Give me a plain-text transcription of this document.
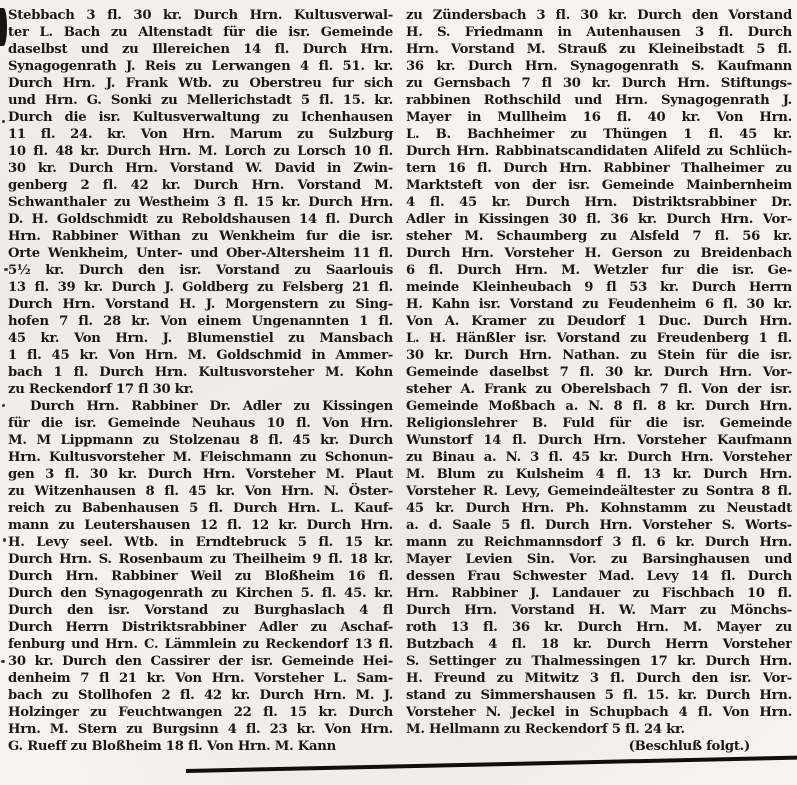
Stebbach 3 fl. 30 kr. Durch Hrn. Kultusverwal-
ter L. Bach zu Altenstadt für die isr. Gemeinde
daselbst und zu Illereichen 14 fl. Durch Hrn.
Synagogenrath J. Reis zu Lerwangen 4 fl. 51. kr.
Durch Hrn. J. Frank Wtb. zu Oberstreu fur sich
und Hrn. G. Sonki zu Mellerichstadt 5 fl. 15. kr.
Durch die isr. Kultusverwaltung zu Ichenhausen
11 fl. 24. kr. Von Hrn. Marum zu Sulzburg
10 fl. 48 kr. Durch Hrn. M. Lorch zu Lorsch 10 fl.
30 kr. Durch Hrn. Vorstand W. David in Zwin-
genberg 2 fl. 42 kr. Durch Hrn. Vorstand M.
Schwanthaler zu Westheim 3 fl. 15 kr. Durch Hrn.
D. H. Goldschmidt zu Reboldshausen 14 fl. Durch
Hrn. Rabbiner Withan zu Wenkheim fur die isr.
Orte Wenkheim, Unter- und Ober-Altersheim 11 fl.
5½ kr. Durch den isr. Vorstand zu Saarlouis
13 fl. 39 kr. Durch J. Goldberg zu Felsberg 21 fl.
Durch Hrn. Vorstand H. J. Morgenstern zu Sing-
hofen 7 fl. 28 kr. Von einem Ungenannten 1 fl.
45 kr. Von Hrn. J. Blumenstiel zu Mansbach
1 fl. 45 kr. Von Hrn. M. Goldschmid in Ammer-
bach 1 fl. Durch Hrn. Kultusvorsteher M. Kohn
zu Reckendorf 17 fl 30 kr.
Durch Hrn. Rabbiner Dr. Adler zu Kissingen
für die isr. Gemeinde Neuhaus 10 fl. Von Hrn.
M. M Lippmann zu Stolzenau 8 fl. 45 kr. Durch
Hrn. Kultusvorsteher M. Fleischmann zu Schonun-
gen 3 fl. 30 kr. Durch Hrn. Vorsteher M. Plaut
zu Witzenhausen 8 fl. 45 kr. Von Hrn. N. Öster-
reich zu Babenhausen 5 fl. Durch Hrn. L. Kauf-
mann zu Leutershausen 12 fl. 12 kr. Durch Hrn.
H. Levy seel. Wtb. in Erndtebruck 5 fl. 15 kr.
Durch Hrn. S. Rosenbaum zu Theilheim 9 fl. 18 kr.
Durch Hrn. Rabbiner Weil zu Bloßheim 16 fl.
Durch den Synagogenrath zu Kirchen 5. fl. 45. kr.
Durch den isr. Vorstand zu Burghaslach 4 fl
Durch Herrn Distriktsrabbiner Adler zu Aschaf-
fenburg und Hrn. C. Lämmlein zu Reckendorf 13 fl.
30 kr. Durch den Cassirer der isr. Gemeinde Hei-
denheim 7 fl 21 kr. Von Hrn. Vorsteher L. Sam-
bach zu Stollhofen 2 fl. 42 kr. Durch Hrn. M. J.
Holzinger zu Feuchtwangen 22 fl. 15 kr. Durch
Hrn. M. Stern zu Burgsinn 4 fl. 23 kr. Von Hrn.
G. Rueff zu Bloßheim 18 fl. Von Hrn. M. Kann
zu Zündersbach 3 fl. 30 kr. Durch den Vorstand
H. S. Friedmann in Autenhausen 3 fl. Durch
Hrn. Vorstand M. Strauß zu Kleineibstadt 5 fl.
36 kr. Durch Hrn. Synagogenrath S. Kaufmann
zu Gernsbach 7 fl 30 kr. Durch Hrn. Stiftungs-
rabbinen Rothschild und Hrn. Synagogenrath J.
Mayer in Mullheim 16 fl. 40 kr. Von Hrn.
L. B. Bachheimer zu Thüngen 1 fl. 45 kr.
Durch Hrn. Rabbinatscandidaten Alifeld zu Schlüch-
tern 16 fl. Durch Hrn. Rabbiner Thalheimer zu
Marktsteft von der isr. Gemeinde Mainbernheim
4 fl. 45 kr. Durch Hrn. Distriktsrabbiner Dr.
Adler in Kissingen 30 fl. 36 kr. Durch Hrn. Vor-
steher M. Schaumberg zu Alsfeld 7 fl. 56 kr.
Durch Hrn. Vorsteher H. Gerson zu Breidenbach
6 fl. Durch Hrn. M. Wetzler fur die isr. Ge-
meinde Kleinheubach 9 fl 53 kr. Durch Herrn
H. Kahn isr. Vorstand zu Feudenheim 6 fl. 30 kr.
Von A. Kramer zu Deudorf 1 Duc. Durch Hrn.
L. H. Hänßler isr. Vorstand zu Freudenberg 1 fl.
30 kr. Durch Hrn. Nathan. zu Stein für die isr.
Gemeinde daselbst 7 fl. 30 kr. Durch Hrn. Vor-
steher A. Frank zu Oberelsbach 7 fl. Von der isr.
Gemeinde Moßbach a. N. 8 fl. 8 kr. Durch Hrn.
Religionslehrer B. Fuld für die isr. Gemeinde
Wunstorf 14 fl. Durch Hrn. Vorsteher Kaufmann
zu Binau a. N. 3 fl. 45 kr. Durch Hrn. Vorsteher
M. Blum zu Kulsheim 4 fl. 13 kr. Durch Hrn.
Vorsteher R. Levy, Gemeindeältester zu Sontra 8 fl.
45 kr. Durch Hrn. Ph. Kohnstamm zu Neustadt
a. d. Saale 5 fl. Durch Hrn. Vorsteher S. Worts-
mann zu Reichmannsdorf 3 fl. 6 kr. Durch Hrn.
Mayer Levien Sin. Vor. zu Barsinghausen und
dessen Frau Schwester Mad. Levy 14 fl. Durch
Hrn. Rabbiner J. Landauer zu Fischbach 10 fl.
Durch Hrn. Vorstand H. W. Marr zu Mönchs-
roth 13 fl. 36 kr. Durch Hrn. M. Mayer zu
Butzbach 4 fl. 18 kr. Durch Herrn Vorsteher
S. Settinger zu Thalmessingen 17 kr. Durch Hrn.
H. Freund zu Mitwitz 3 fl. Durch den isr. Vor-
stand zu Simmershausen 5 fl. 15. kr. Durch Hrn.
Vorsteher N. Jeckel in Schupbach 4 fl. Von Hrn.
M. Hellmann zu Reckendorf 5 fl. 24 kr.
(Beschluß folgt.)
